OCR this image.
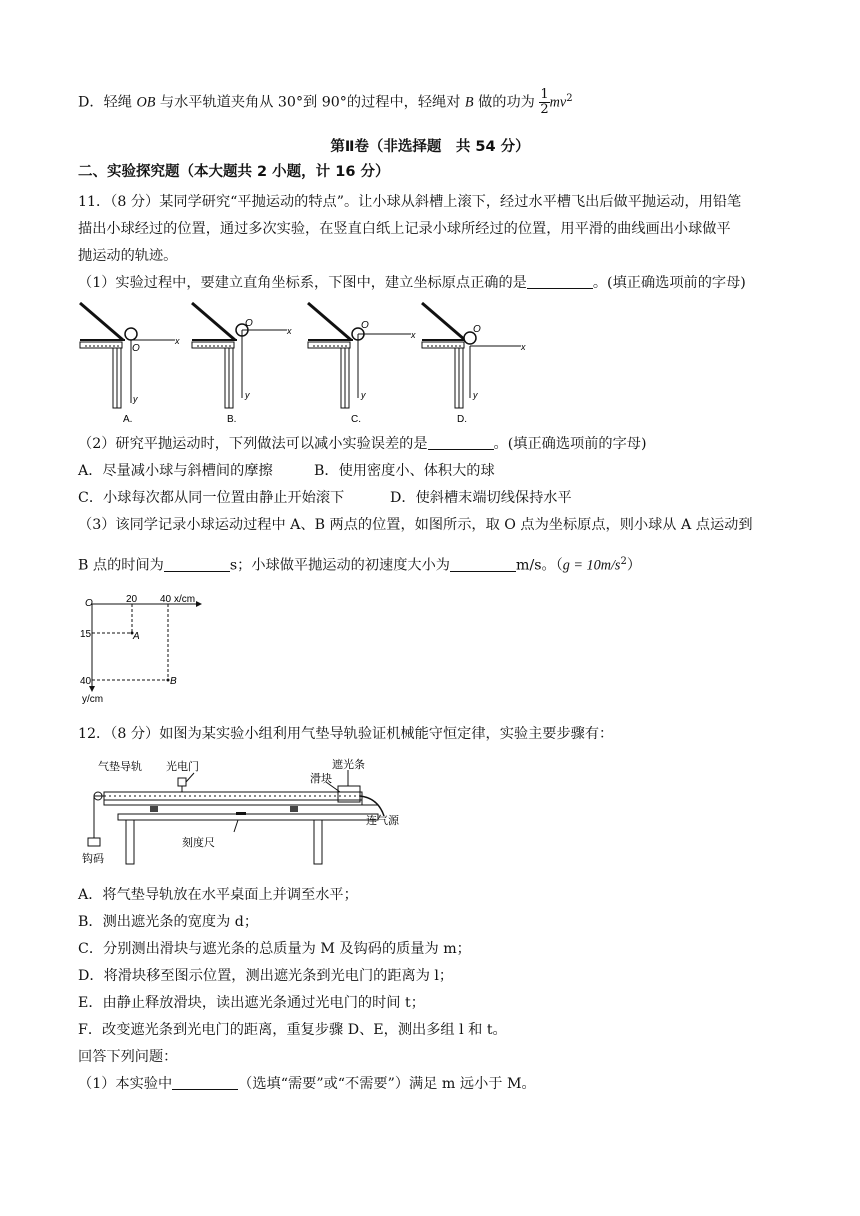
D．轻绳 OB 与水平轨道夹角从 30°到 90°的过程中，轻绳对 B 做的功为 $\frac{1}{2} mv^2$
第Ⅱ卷（非选择题　共 54 分）
二、实验探究题（本大题共 2 小题，计 16 分）
11．（8 分）某同学研究“平抛运动的特点”。让小球从斜槽上滚下，经过水平槽飞出后做平抛运动，用铅笔
描出小球经过的位置，通过多次实验，在竖直白纸上记录小球所经过的位置，用平滑的曲线画出小球做平
抛运动的轨迹。
（1）实验过程中，要建立直角坐标系，下图中，建立坐标原点正确的是	。(填正确选项前的字母)
O
x
y
A.
O
x
y
B.
O
x
y
C.
O
x
y
D.
（2）研究平抛运动时，下列做法可以减小实验误差的是	。(填正确选项前的字母)
A．尽量减小球与斜槽间的摩擦	B．使用密度小、体积大的球
C．小球每次都从同一位置由静止开始滚下	D．使斜槽末端切线保持水平
（3）该同学记录小球运动过程中 A、B 两点的位置，如图所示，取 O 点为坐标原点，则小球从 A 点运动到
B 点的时间为	s；小球做平抛运动的初速度大小为	m/s。$(g = 10m/s^2)$
O	20 40 x/cm
15
40
y/cm
A
B
12．（8 分）如图为某实验小组利用气垫导轨验证机械能守恒定律，实验主要步骤有：
气垫导轨 光电门	遮光条
滑块
连气源
刻度尺
钩码
A．将气垫导轨放在水平桌面上并调至水平；
B．测出遮光条的宽度为 d；
C．分别测出滑块与遮光条的总质量为 M 及钩码的质量为 m；
D．将滑块移至图示位置，测出遮光条到光电门的距离为 l；
E．由静止释放滑块，读出遮光条通过光电门的时间 t；
F．改变遮光条到光电门的距离，重复步骤 D、E，测出多组 l 和 t。
回答下列问题：
（1）本实验中	（选填“需要”或“不需要”）满足 m 远小于 M。
